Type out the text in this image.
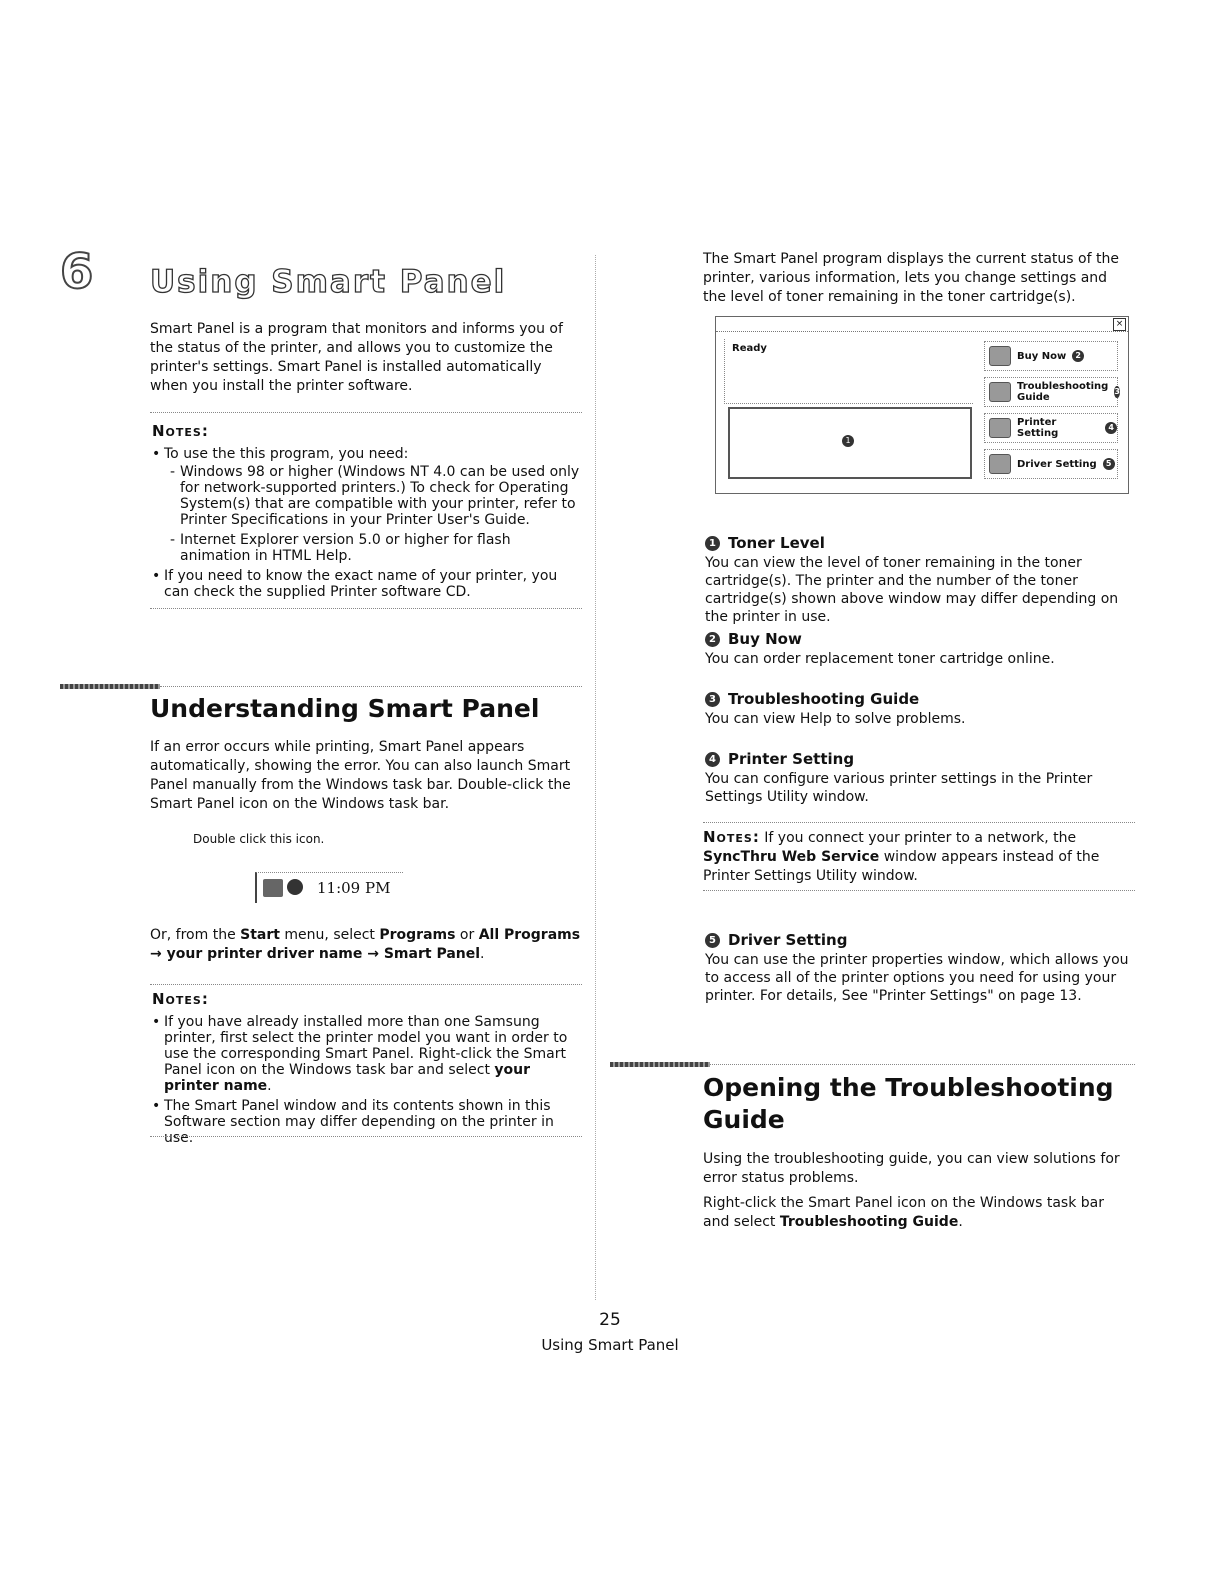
6 Using Smart Panel

Smart Panel is a program that monitors and informs you of the status of the printer, and allows you to customize the printer's settings. Smart Panel is installed automatically when you install the printer software.

Notes:
• To use the this program, you need:
- Windows 98 or higher (Windows NT 4.0 can be used only for network-supported printers.) To check for Operating System(s) that are compatible with your printer, refer to Printer Specifications in your Printer User's Guide.
- Internet Explorer version 5.0 or higher for flash animation in HTML Help.
• If you need to know the exact name of your printer, you can check the supplied Printer software CD.
Understanding Smart Panel

If an error occurs while printing, Smart Panel appears automatically, showing the error. You can also launch Smart Panel manually from the Windows task bar. Double-click the Smart Panel icon on the Windows task bar.

Double click this icon.
11:09 PM

Or, from the Start menu, select Programs or All Programs → your printer driver name → Smart Panel.

Notes:
• If you have already installed more than one Samsung printer, first select the printer model you want in order to use the corresponding Smart Panel. Right-click the Smart Panel icon on the Windows task bar and select your printer name.
• The Smart Panel window and its contents shown in this Software section may differ depending on the printer in use.

The Smart Panel program displays the current status of the printer, various information, lets you change settings and the level of toner remaining in the toner cartridge(s).

×
Ready
1
Buy Now	2
Troubleshooting Guide
3
Printer Setting
4
Driver Setting	5
1 Toner Level

You can view the level of toner remaining in the toner cartridge(s). The printer and the number of the toner cartridge(s) shown above window may differ depending on the printer in use.

2 Buy Now

You can order replacement toner cartridge online.

3 Troubleshooting Guide

You can view Help to solve problems.

4 Printer Setting

You can configure various printer settings in the Printer Settings Utility window.

Notes: If you connect your printer to a network, the SyncThru Web Service window appears instead of the Printer Settings Utility window.

5 Driver Setting

You can use the printer properties window, which allows you to access all of the printer options you need for using your printer. For details, See "Printer Settings" on page 13.

Opening the Troubleshooting Guide

Using the troubleshooting guide, you can view solutions for error status problems.

Right-click the Smart Panel icon on the Windows task bar and select Troubleshooting Guide.

25
Using Smart Panel
